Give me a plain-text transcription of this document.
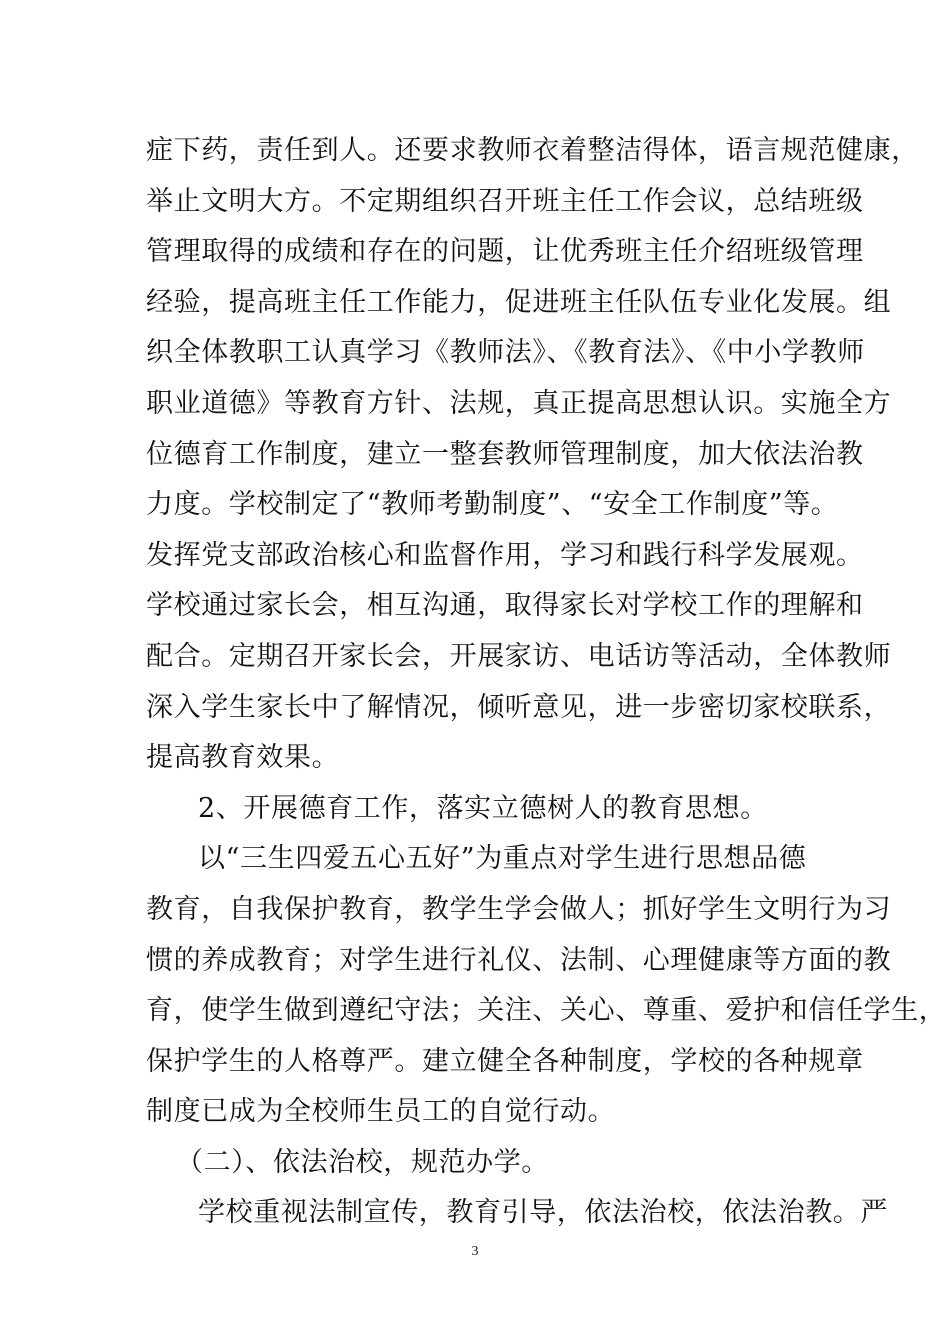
症下药，责任到人。还要求教师衣着整洁得体，语言规范健康，
举止文明大方。不定期组织召开班主任工作会议，总结班级
管理取得的成绩和存在的问题，让优秀班主任介绍班级管理
经验，提高班主任工作能力，促进班主任队伍专业化发展。组
织全体教职工认真学习《教师法》、《教育法》、《中小学教师
职业道德》等教育方针、法规，真正提高思想认识。实施全方
位德育工作制度，建立一整套教师管理制度，加大依法治教
力度。学校制定了“教师考勤制度”、“安全工作制度”等。
发挥党支部政治核心和监督作用，学习和践行科学发展观。
学校通过家长会，相互沟通，取得家长对学校工作的理解和
配合。定期召开家长会，开展家访、电话访等活动，全体教师
深入学生家长中了解情况，倾听意见，进一步密切家校联系，
提高教育效果。
2、开展德育工作，落实立德树人的教育思想。
以“三生四爱五心五好”为重点对学生进行思想品德
教育，自我保护教育，教学生学会做人；抓好学生文明行为习
惯的养成教育；对学生进行礼仪、法制、心理健康等方面的教
育，使学生做到遵纪守法；关注、关心、尊重、爱护和信任学生，
保护学生的人格尊严。建立健全各种制度，学校的各种规章
制度已成为全校师生员工的自觉行动。
（二）、依法治校，规范办学。
学校重视法制宣传，教育引导，依法治校，依法治教。严
3
